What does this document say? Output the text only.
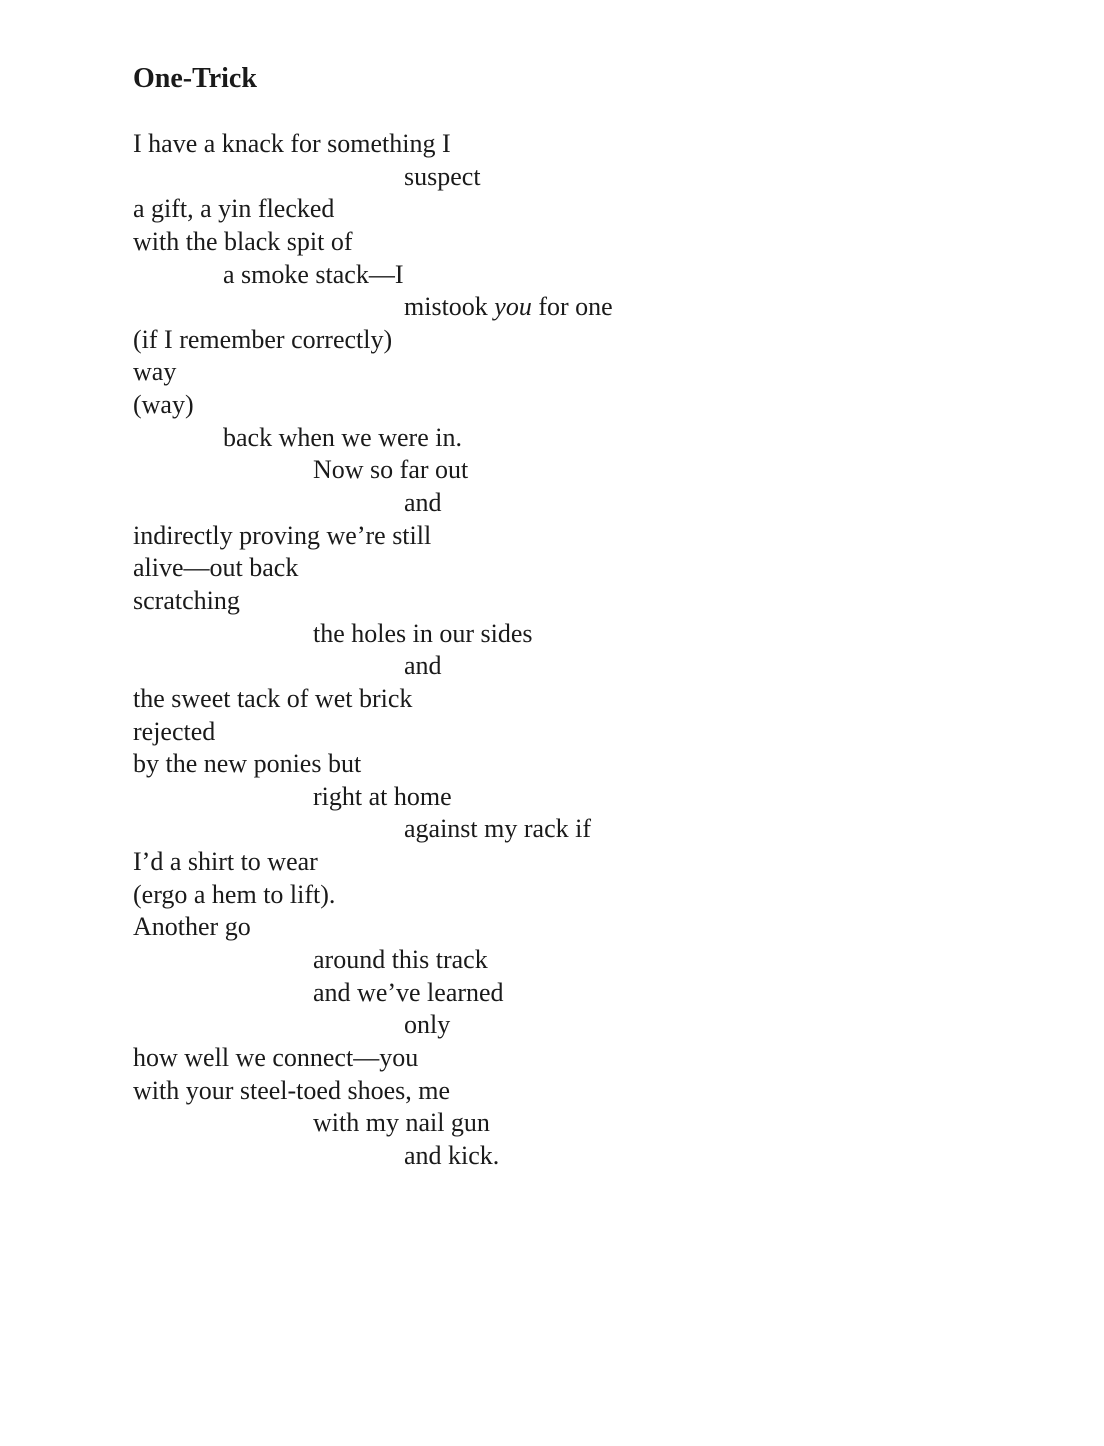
One-Trick
I have a knack for something I
suspect
a gift, a yin flecked
with the black spit of
a smoke stack—I
mistook you for one
(if I remember correctly)
way
(way)
back when we were in.
Now so far out
and
indirectly proving we’re still
alive—out back
scratching
the holes in our sides
and
the sweet tack of wet brick
rejected
by the new ponies but
right at home
against my rack if
I’d a shirt to wear
(ergo a hem to lift).
Another go
around this track
and we’ve learned
only
how well we connect—you
with your steel-toed shoes, me
with my nail gun
and kick.
